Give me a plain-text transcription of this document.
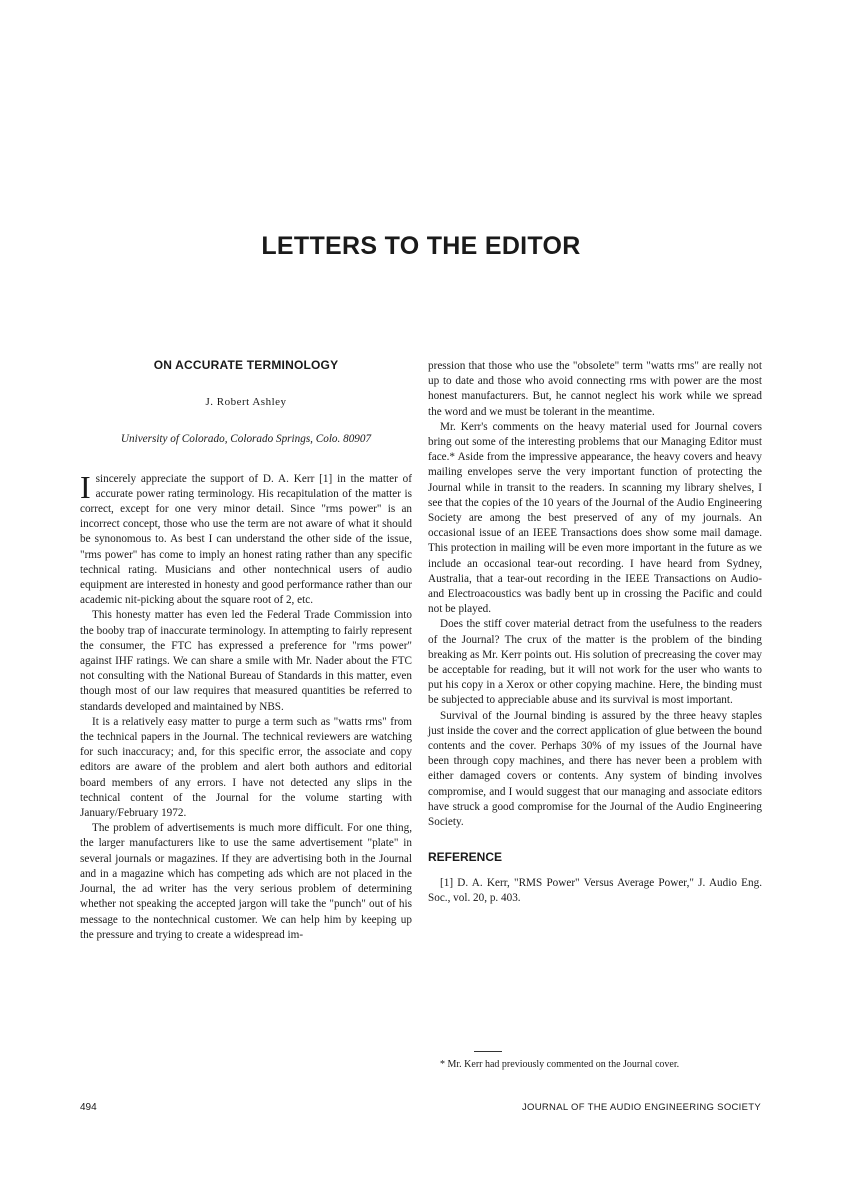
LETTERS TO THE EDITOR
ON ACCURATE TERMINOLOGY
J. Robert Ashley
University of Colorado, Colorado Springs, Colo. 80907
I sincerely appreciate the support of D. A. Kerr [1] in the matter of accurate power rating terminology. His recapitulation of the matter is correct, except for one very minor detail. Since "rms power" is an incorrect concept, those who use the term are not aware of what it should be synonomous to. As best I can understand the other side of the issue, "rms power" has come to imply an honest rating rather than any specific technical rating. Musicians and other nontechnical users of audio equipment are interested in honesty and good performance rather than our academic nit-picking about the square root of 2, etc.

This honesty matter has even led the Federal Trade Commission into the booby trap of inaccurate terminology. In attempting to fairly represent the consumer, the FTC has expressed a preference for "rms power" against IHF ratings. We can share a smile with Mr. Nader about the FTC not consulting with the National Bureau of Standards in this matter, even though most of our law requires that measured quantities be referred to standards developed and maintained by NBS.

It is a relatively easy matter to purge a term such as "watts rms" from the technical papers in the Journal. The technical reviewers are watching for such inaccuracy; and, for this specific error, the associate and copy editors are aware of the problem and alert both authors and editorial board members of any errors. I have not detected any slips in the technical content of the Journal for the volume starting with January/February 1972.

The problem of advertisements is much more difficult. For one thing, the larger manufacturers like to use the same advertisement "plate" in several journals or magazines. If they are advertising both in the Journal and in a magazine which has competing ads which are not placed in the Journal, the ad writer has the very serious problem of determining whether not speaking the accepted jargon will take the "punch" out of his message to the nontechnical customer. We can help him by keeping up the pressure and trying to create a widespread im-

pression that those who use the "obsolete" term "watts rms" are really not up to date and those who avoid connecting rms with power are the most honest manufacturers. But, he cannot neglect his work while we spread the word and we must be tolerant in the meantime.

Mr. Kerr's comments on the heavy material used for Journal covers bring out some of the interesting problems that our Managing Editor must face.* Aside from the impressive appearance, the heavy covers and heavy mailing envelopes serve the very important function of protecting the Journal while in transit to the readers. In scanning my library shelves, I see that the copies of the 10 years of the Journal of the Audio Engineering Society are among the best preserved of any of my journals. An occasional issue of an IEEE Transactions does show some mail damage. This protection in mailing will be even more important in the future as we include an occasional tear-out recording. I have heard from Sydney, Australia, that a tear-out recording in the IEEE Transactions on Audio- and Electroacoustics was badly bent up in crossing the Pacific and could not be played.

Does the stiff cover material detract from the usefulness to the readers of the Journal? The crux of the matter is the problem of the binding breaking as Mr. Kerr points out. His solution of precreasing the cover may be acceptable for reading, but it will not work for the user who wants to put his copy in a Xerox or other copying machine. Here, the binding must be subjected to appreciable abuse and its survival is most important.

Survival of the Journal binding is assured by the three heavy staples just inside the cover and the correct application of glue between the bound contents and the cover. Perhaps 30% of my issues of the Journal have been through copy machines, and there has never been a problem with either damaged covers or contents. Any system of binding involves compromise, and I would suggest that our managing and associate editors have struck a good compromise for the Journal of the Audio Engineering Society.

REFERENCE

[1] D. A. Kerr, "RMS Power" Versus Average Power," J. Audio Eng. Soc., vol. 20, p. 403.

* Mr. Kerr had previously commented on the Journal cover.
494	JOURNAL OF THE AUDIO ENGINEERING SOCIETY
